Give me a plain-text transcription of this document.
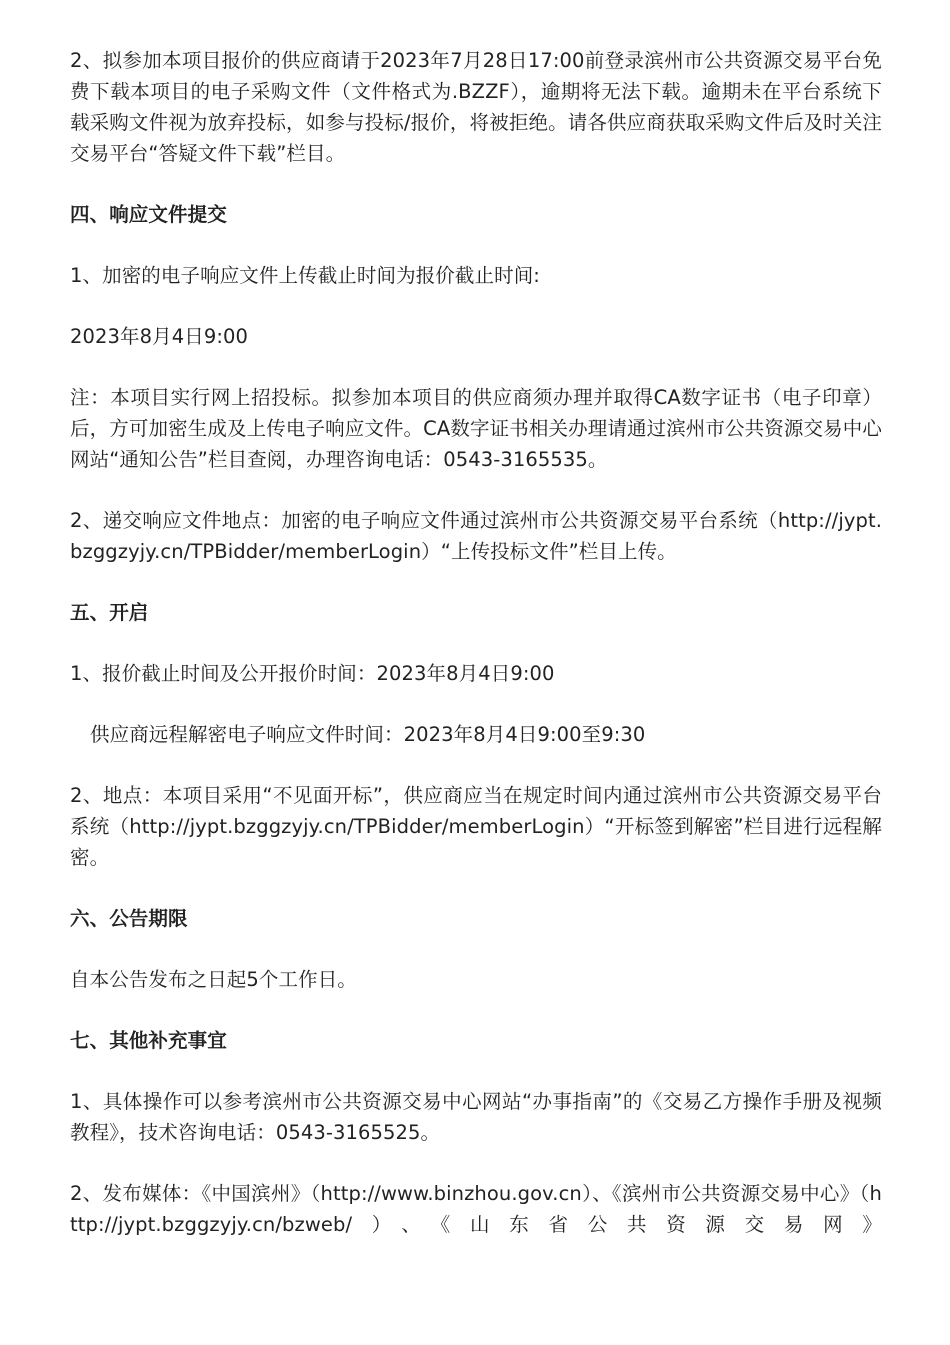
2、拟参加本项目报价的供应商请于2023年7月28日17:00前登录滨州市公共资源交易平台免费下载本项目的电子采购文件（文件格式为.BZZF），逾期将无法下载。逾期未在平台系统下载采购文件视为放弃投标，如参与投标/报价，将被拒绝。请各供应商获取采购文件后及时关注交易平台“答疑文件下载”栏目。

四、响应文件提交

1、加密的电子响应文件上传截止时间为报价截止时间:

2023年8月4日9:00

注：本项目实行网上招投标。拟参加本项目的供应商须办理并取得CA数字证书（电子印章）后，方可加密生成及上传电子响应文件。CA数字证书相关办理请通过滨州市公共资源交易中心网站“通知公告”栏目查阅，办理咨询电话：0543-3165535。

2、递交响应文件地点：加密的电子响应文件通过滨州市公共资源交易平台系统（http://jypt.bzggzyjy.cn/TPBidder/memberLogin）“上传投标文件”栏目上传。

五、开启

1、报价截止时间及公开报价时间：2023年8月4日9:00

供应商远程解密电子响应文件时间：2023年8月4日9:00至9:30

2、地点：本项目采用“不见面开标”，供应商应当在规定时间内通过滨州市公共资源交易平台系统（http://jypt.bzggzyjy.cn/TPBidder/memberLogin）“开标签到解密”栏目进行远程解密。

六、公告期限

自本公告发布之日起5个工作日。

七、其他补充事宜

1、具体操作可以参考滨州市公共资源交易中心网站“办事指南”的《交易乙方操作手册及视频教程》，技术咨询电话：0543-3165525。

2、发布媒体：《中国滨州》（http://www.binzhou.gov.cn）、《滨州市公共资源交易中心》（http://jypt.bzggzyjy.cn/bzweb/）、《山东省公共资源交易网》
